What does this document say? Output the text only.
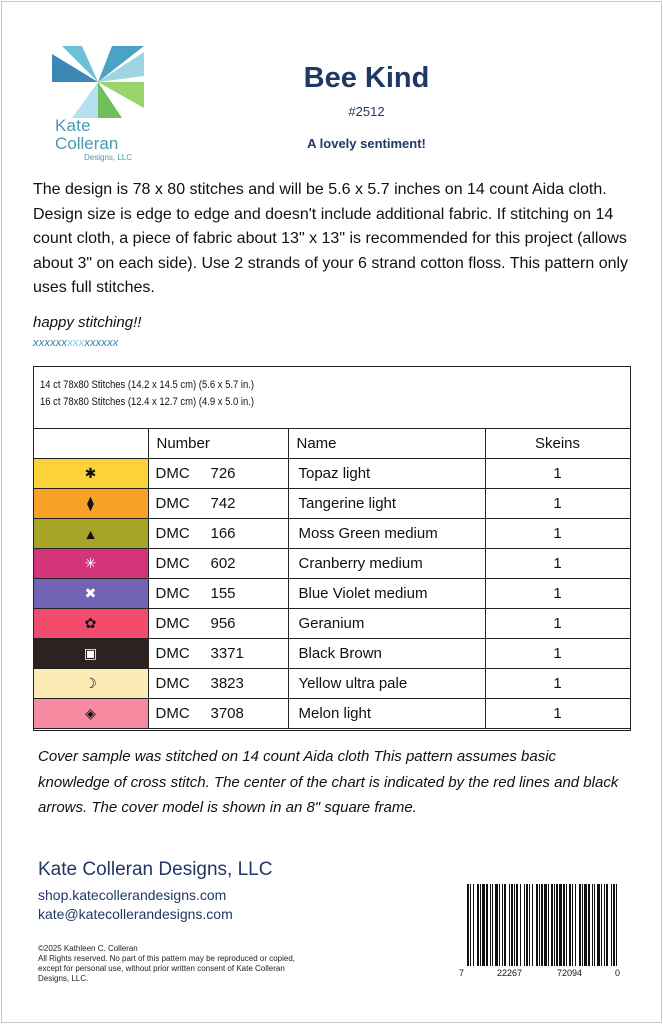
Kate
Colleran
Designs, LLC
Bee Kind
#2512
A lovely sentiment!
The design is 78 x 80 stitches and will be 5.6 x 5.7 inches on 14 count Aida cloth. Design size is edge to edge and doesn't include additional fabric. If stitching on 14 count cloth, a piece of fabric about 13" x 13" is recommended for this project (allows about 3" on each side). Use 2 strands of your 6 strand cotton floss. This pattern only uses full stitches.
happy stitching!!
xxxxxxxxxxxxxxx
14 ct 78x80 Stitches (14.2 x 14.5 cm) (5.6 x 5.7 in.)
16 ct 78x80 Stitches (12.4 x 12.7 cm) (4.9 x 5.0 in.)
	Number	Name	Skeins
✱	DMC 726	Topaz light	1
⧫	DMC 742	Tangerine light	1
▲	DMC 166	Moss Green medium	1
✳	DMC 602	Cranberry medium	1
✖	DMC 155	Blue Violet medium	1
✿	DMC 956	Geranium	1
▣	DMC 3371	Black Brown	1
☽	DMC 3823	Yellow ultra pale	1
◈	DMC 3708	Melon light	1
Cover sample was stitched on 14 count Aida cloth This pattern assumes basic knowledge of cross stitch. The center of the chart is indicated by the red lines and black arrows. The cover model is shown in an 8" square frame.
Kate Colleran Designs, LLC
shop.katecollerandesigns.com
kate@katecollerandesigns.com
©2025 Kathleen C. Colleran
All Rights reserved. No part of this pattern may be reproduced or copied, except for personal use, without prior written consent of Kate Colleran Designs, LLC.
7	22267	72094	0
